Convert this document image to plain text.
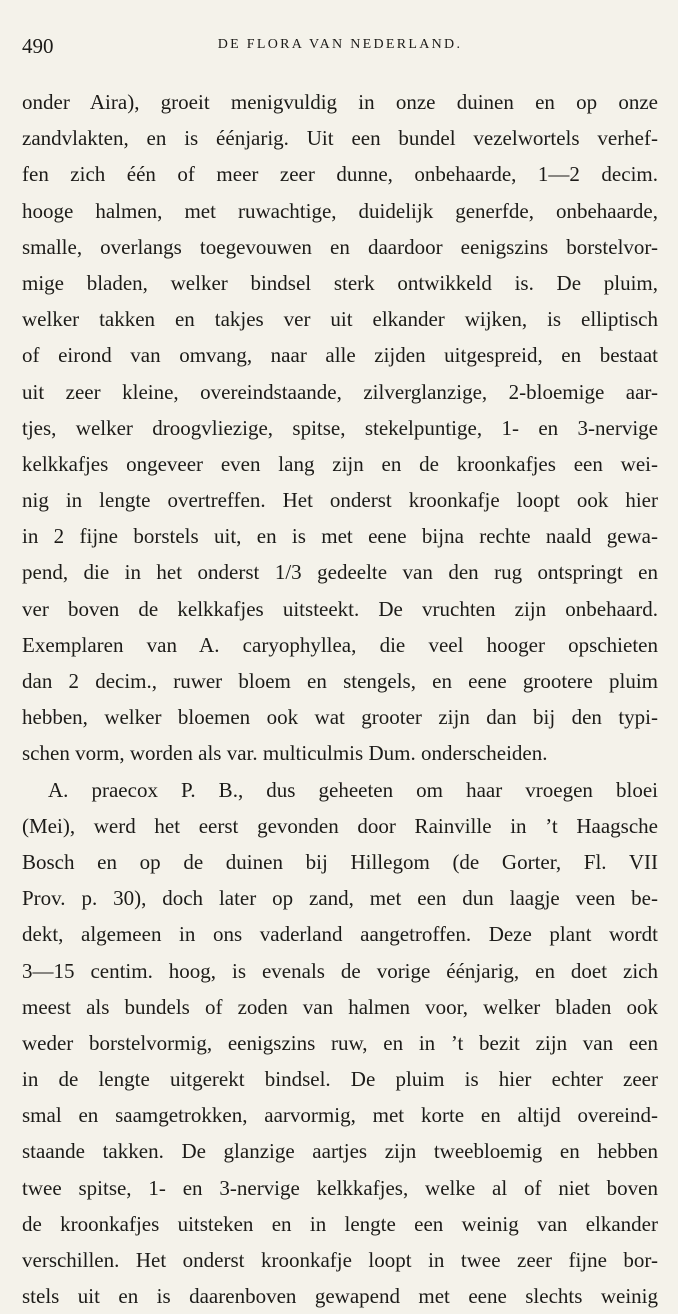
490	DE FLORA VAN NEDERLAND.
onder Aira), groeit menigvuldig in onze duinen en op onze
zandvlakten, en is éénjarig. Uit een bundel vezelwortels verhef-
fen zich één of meer zeer dunne, onbehaarde, 1—2 decim.
hooge halmen, met ruwachtige, duidelijk generfde, onbehaarde,
smalle, overlangs toegevouwen en daardoor eenigszins borstelvor-
mige bladen, welker bindsel sterk ontwikkeld is. De pluim,
welker takken en takjes ver uit elkander wijken, is elliptisch
of eirond van omvang, naar alle zijden uitgespreid, en bestaat
uit zeer kleine, overeindstaande, zilverglanzige, 2-bloemige aar-
tjes, welker droogvliezige, spitse, stekelpuntige, 1- en 3-nervige
kelkkafjes ongeveer even lang zijn en de kroonkafjes een wei-
nig in lengte overtreffen. Het onderst kroonkafje loopt ook hier
in 2 fijne borstels uit, en is met eene bijna rechte naald gewa-
pend, die in het onderst 1/3 gedeelte van den rug ontspringt en
ver boven de kelkkafjes uitsteekt. De vruchten zijn onbehaard.
Exemplaren van A. caryophyllea, die veel hooger opschieten
dan 2 decim., ruwer bloem en stengels, en eene grootere pluim
hebben, welker bloemen ook wat grooter zijn dan bij den typi-
schen vorm, worden als var. multiculmis Dum. onderscheiden.
A. praecox P. B., dus geheeten om haar vroegen bloei
(Mei), werd het eerst gevonden door Rainville in ’t Haagsche
Bosch en op de duinen bij Hillegom (de Gorter, Fl. VII
Prov. p. 30), doch later op zand, met een dun laagje veen be-
dekt, algemeen in ons vaderland aangetroffen. Deze plant wordt
3—15 centim. hoog, is evenals de vorige éénjarig, en doet zich
meest als bundels of zoden van halmen voor, welker bladen ook
weder borstelvormig, eenigszins ruw, en in ’t bezit zijn van een
in de lengte uitgerekt bindsel. De pluim is hier echter zeer
smal en saamgetrokken, aarvormig, met korte en altijd overeind-
staande takken. De glanzige aartjes zijn tweebloemig en hebben
twee spitse, 1- en 3-nervige kelkkafjes, welke al of niet boven
de kroonkafjes uitsteken en in lengte een weinig van elkander
verschillen. Het onderst kroonkafje loopt in twee zeer fijne bor-
stels uit en is daarenboven gewapend met eene slechts weinig
